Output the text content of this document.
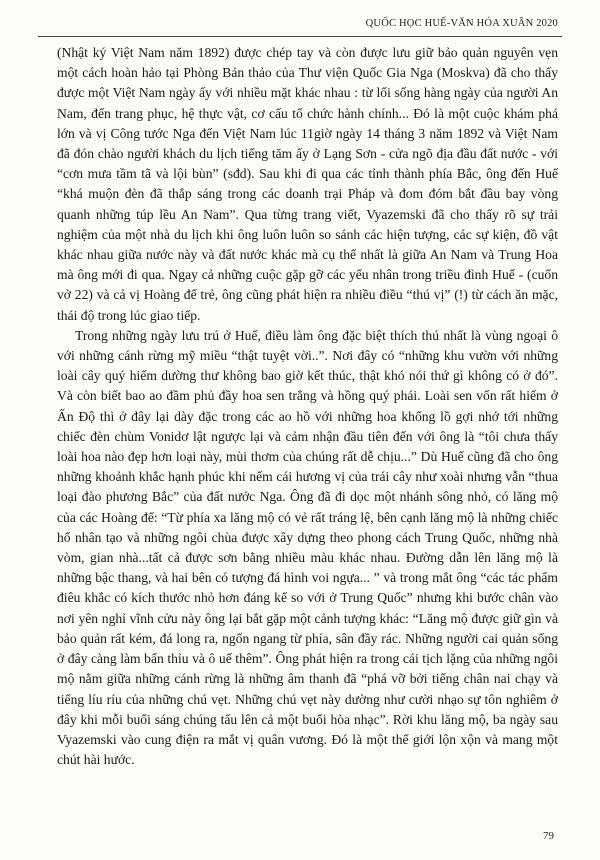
QUỐC HỌC HUẾ-VĂN HÓA XUÂN 2020

(Nhật ký Việt Nam năm 1892) được chép tay và còn được lưu giữ bảo quản nguyên vẹn một cách hoàn hảo tại Phòng Bản thảo của Thư viện Quốc Gia Nga (Moskva) đã cho thấy được một Việt Nam ngày ấy với nhiều mặt khác nhau : từ lối sống hàng ngày của người An Nam, đến trang phục, hệ thực vật, cơ cấu tổ chức hành chính... Đó là một cuộc khám phá lớn và vị Công tước Nga đến Việt Nam lúc 11giờ ngày 14 tháng 3 năm 1892 và Việt Nam đã đón chào người khách du lịch tiếng tăm ấy ở Lạng Sơn - cửa ngõ địa đầu đất nước - với “cơn mưa tầm tã và lội bùn” (sđd). Sau khi đi qua các tỉnh thành phía Bắc, ông đến Huế “khá muộn đèn đã thắp sáng trong các doanh trại Pháp và đom đóm bắt đầu bay vòng quanh những túp lều An Nam”. Qua từng trang viết, Vyazemski đã cho thấy rõ sự trải nghiệm của một nhà du lịch khi ông luôn luôn so sánh các hiện tượng, các sự kiện, đồ vật khác nhau giữa nước này và đất nước khác mà cụ thể nhất là giữa An Nam và Trung Hoa mà ông mới đi qua. Ngay cả những cuộc gặp gỡ các yếu nhân trong triều đình Huế - (cuốn vở 22) và cả vị Hoàng đế trẻ, ông cũng phát hiện ra nhiều điều “thú vị” (!) từ cách ăn mặc, thái độ trong lúc giao tiếp.

Trong những ngày lưu trú ở Huế, điều làm ông đặc biệt thích thú nhất là vùng ngoại ô với những cánh rừng mỹ miều “thật tuyệt vời..”. Nơi đây có “những khu vườn với những loài cây quý hiếm dường thư không bao giờ kết thúc, thật khó nói thứ gì không có ở đó”. Và còn biết bao ao đầm phủ đầy hoa sen trắng và hồng quý phái. Loài sen vốn rất hiếm ở Ấn Độ thì ở đây lại dày đặc trong các ao hồ với những hoa khổng lồ gợi nhớ tới những chiếc đèn chùm Vonidơ lật ngược lại và cảm nhận đầu tiên đến với ông là “tôi chưa thấy loài hoa nào đẹp hơn loại này, mùi thơm của chúng rất dễ chịu...” Dù Huế cũng đã cho ông những khoảnh khắc hạnh phúc khi nếm cái hương vị của trái cây như xoài nhưng vẫn “thua loại đào phương Bắc” của đất nước Nga. Ông đã đi dọc một nhánh sông nhỏ, có lăng mộ của các Hoàng đế: “Từ phía xa lăng mộ có vẻ rất tráng lệ, bên cạnh lăng mộ là những chiếc hổ nhân tạo và những ngôi chùa được xây dựng theo phong cách Trung Quốc, những nhà vòm, gian nhà...tất cả được sơn bằng nhiều màu khác nhau. Đường dẫn lên lăng mộ là những bậc thang, và hai bên có tượng đá hình voi ngựa... ” và trong mắt ông “các tác phẩm điêu khắc có kích thước nhỏ hơn đáng kể so với ở Trung Quốc” nhưng khi bước chân vào nơi yên nghỉ vĩnh cửu này ông lại bắt gặp một cảnh tượng khác: “Lăng mộ được giữ gìn và bảo quản rất kém, đá long ra, ngổn ngang từ phía, sân đầy rác. Những người cai quản sống ở đây càng làm bẩn thỉu và ô uế thêm”. Ông phát hiện ra trong cái tịch lặng của những ngôi mộ nằm giữa những cánh rừng là những âm thanh đã “phá vỡ bởi tiếng chân nai chạy và tiếng líu ríu của những chú vẹt. Những chú vẹt này dường như cười nhạo sự tôn nghiêm ở đây khi mỗi buổi sáng chúng tấu lên cả một buổi hòa nhạc”. Rời khu lăng mộ, ba ngày sau Vyazemski vào cung điện ra mắt vị quân vương. Đó là một thế giới lộn xộn và mang một chút hài hước.

79
